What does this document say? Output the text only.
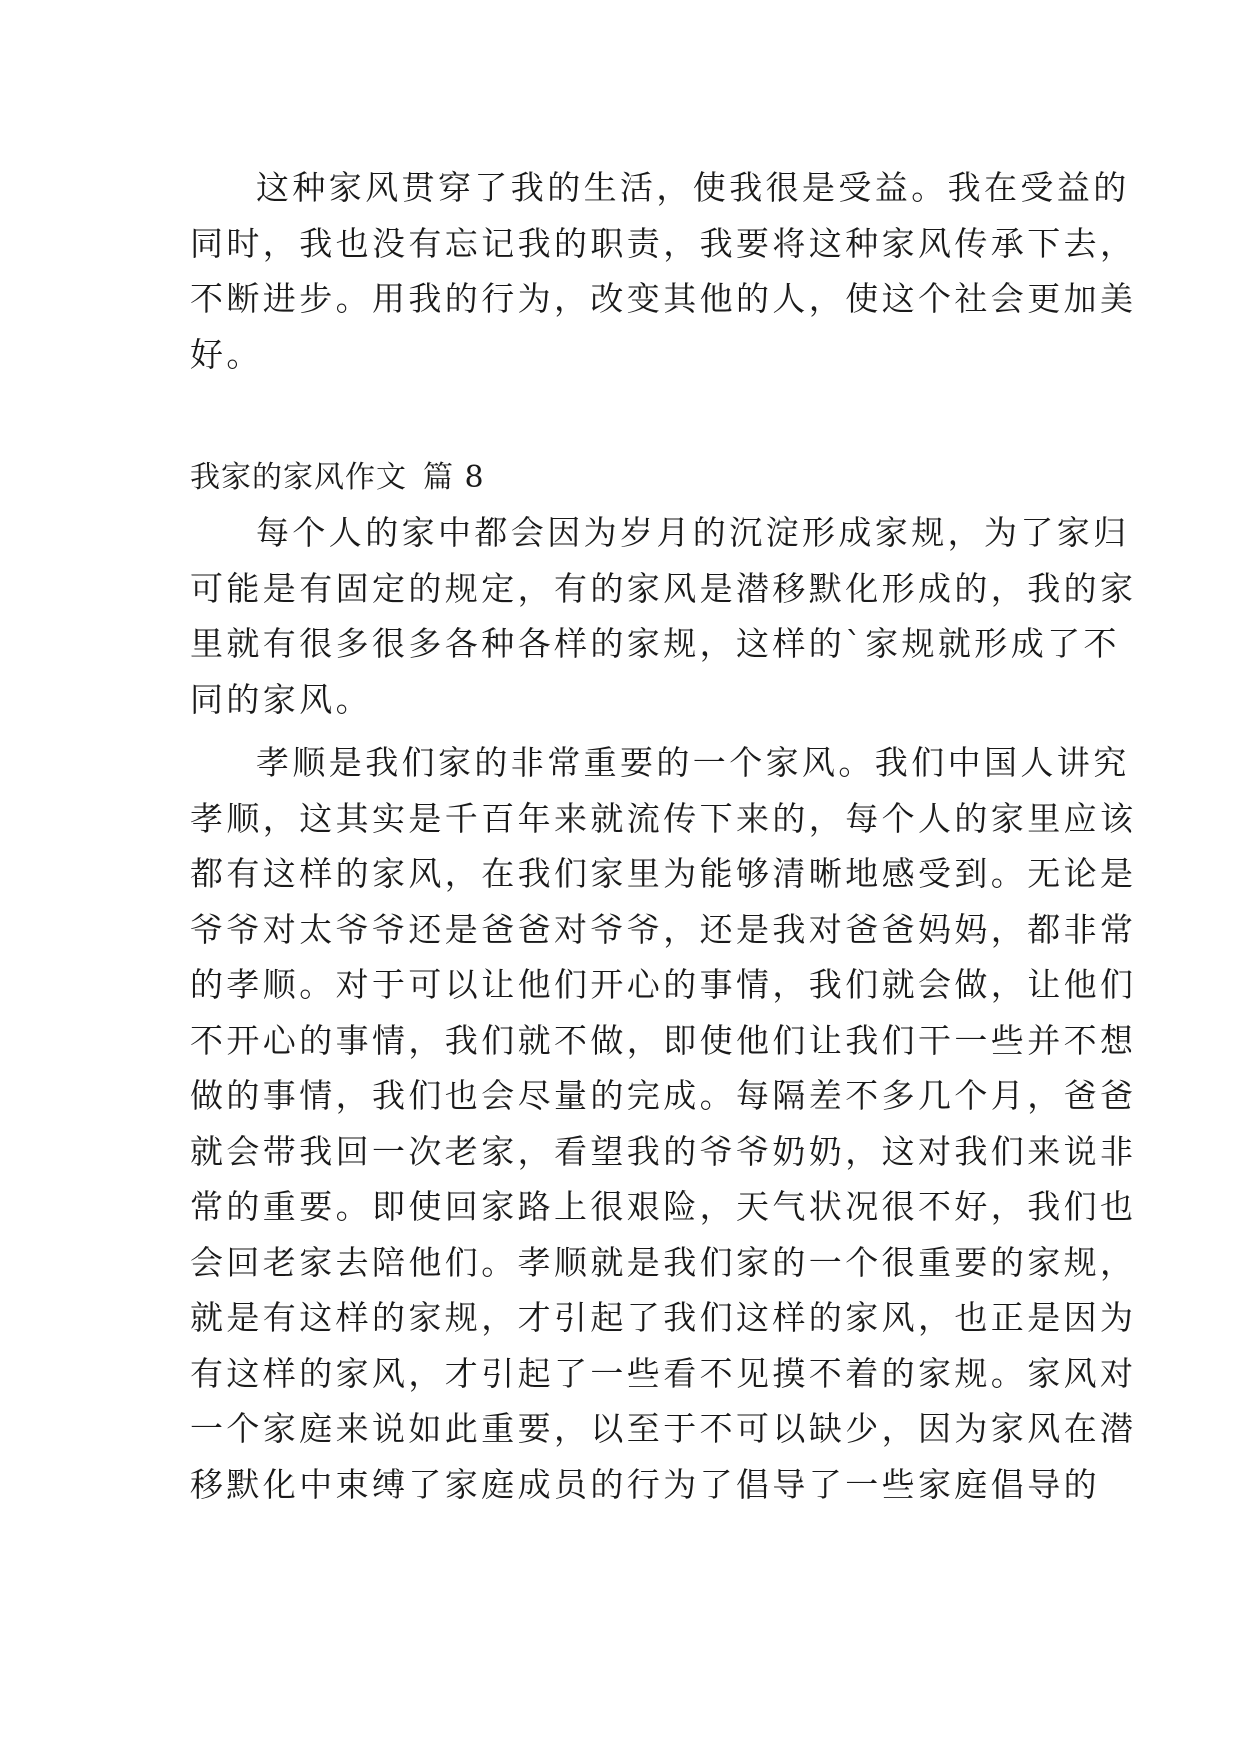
这种家风贯穿了我的生活，使我很是受益。我在受益的
同时，我也没有忘记我的职责，我要将这种家风传承下去，
不断进步。用我的行为，改变其他的人，使这个社会更加美
好。
我家的家风作文 篇 8
每个人的家中都会因为岁月的沉淀形成家规，为了家归
可能是有固定的规定，有的家风是潜移默化形成的，我的家
里就有很多很多各种各样的家规，这样的`家规就形成了不
同的家风。
孝顺是我们家的非常重要的一个家风。我们中国人讲究
孝顺，这其实是千百年来就流传下来的，每个人的家里应该
都有这样的家风，在我们家里为能够清晰地感受到。无论是
爷爷对太爷爷还是爸爸对爷爷，还是我对爸爸妈妈，都非常
的孝顺。对于可以让他们开心的事情，我们就会做，让他们
不开心的事情，我们就不做，即使他们让我们干一些并不想
做的事情，我们也会尽量的完成。每隔差不多几个月，爸爸
就会带我回一次老家，看望我的爷爷奶奶，这对我们来说非
常的重要。即使回家路上很艰险，天气状况很不好，我们也
会回老家去陪他们。孝顺就是我们家的一个很重要的家规，
就是有这样的家规，才引起了我们这样的家风，也正是因为
有这样的家风，才引起了一些看不见摸不着的家规。家风对
一个家庭来说如此重要，以至于不可以缺少，因为家风在潜
移默化中束缚了家庭成员的行为了倡导了一些家庭倡导的
